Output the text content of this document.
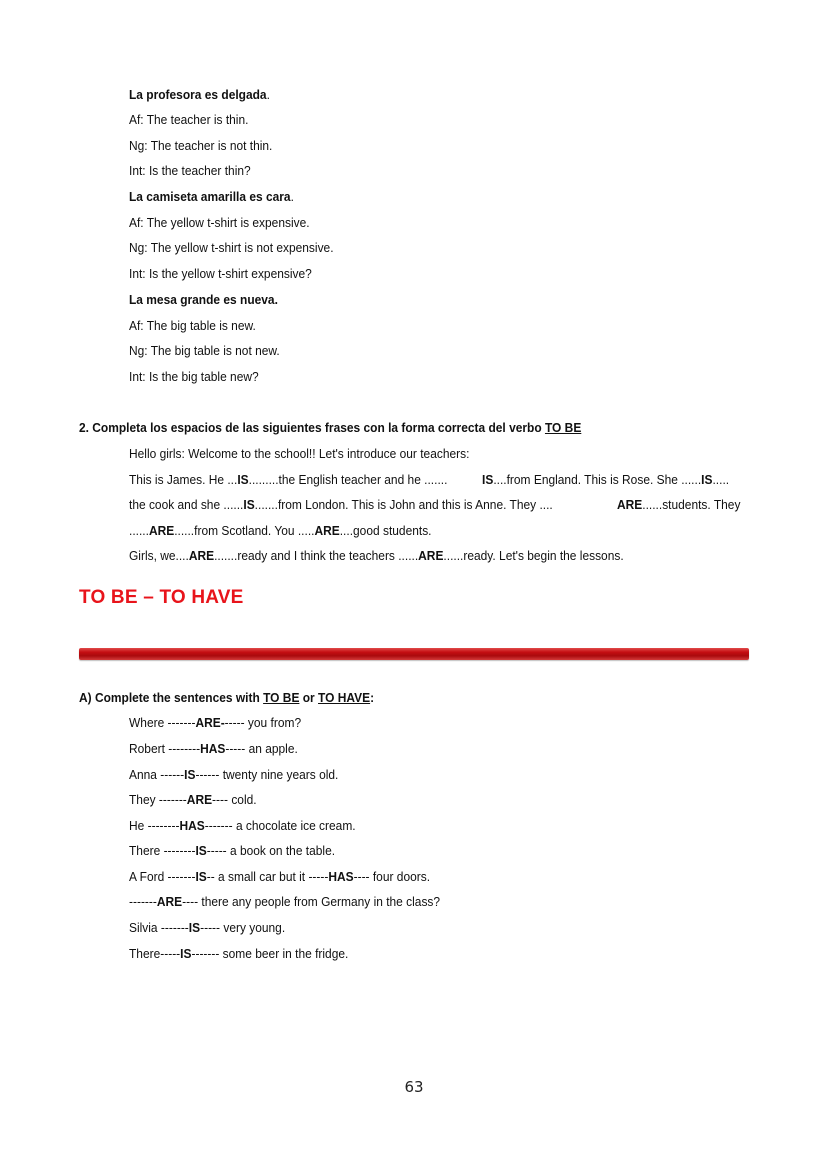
La profesora es delgada.
Af: The teacher is thin.
Ng: The teacher is not thin.
Int: Is the teacher thin?
La camiseta amarilla es cara.
Af: The yellow t-shirt is expensive.
Ng: The yellow t-shirt is not expensive.
Int: Is the yellow t-shirt expensive?
La mesa grande es nueva.
Af: The big table is new.
Ng: The big table is not new.
Int: Is the big table new?
2. Completa los espacios de las siguientes frases con la forma correcta del verbo TO BE
Hello girls: Welcome to the school!! Let's introduce our teachers:
This is James. He ...IS.........the English teacher and he .......	IS....from England. This is Rose. She ......IS.....
the cook and she ......IS.......from London. This is John and this is Anne. They ....	ARE......students. They
......ARE......from Scotland. You .....ARE....good students.
Girls, we....ARE.......ready and I think the teachers ......ARE......ready. Let's begin the lessons.
TO BE – TO HAVE
A) Complete the sentences with TO BE or TO HAVE:
Where -------ARE------ you from?
Robert --------HAS----- an apple.
Anna ------IS------ twenty nine years old.
They -------ARE---- cold.
He --------HAS------- a chocolate ice cream.
There --------IS----- a book on the table.
A Ford -------IS-- a small car but it -----HAS---- four doors.
-------ARE---- there any people from Germany in the class?
Silvia -------IS----- very young.
There-----IS------- some beer in the fridge.
63
